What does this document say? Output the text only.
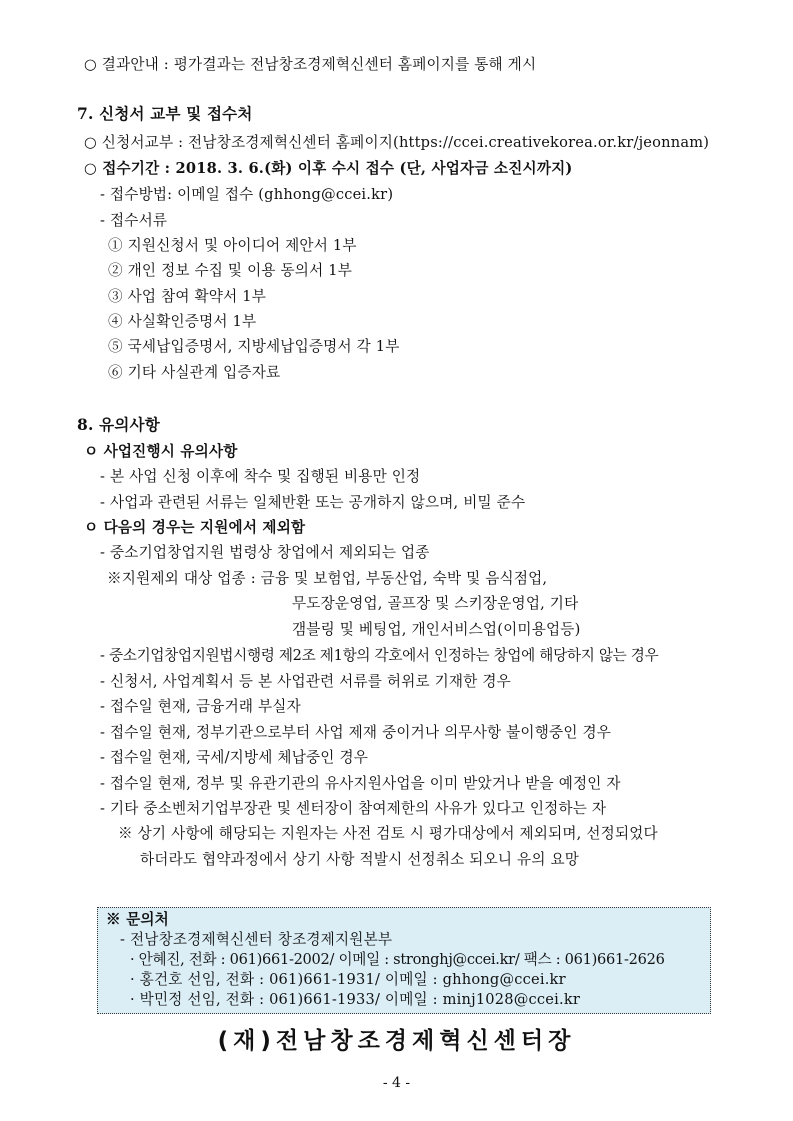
○ 결과안내 : 평가결과는 전남창조경제혁신센터 홈페이지를 통해 게시
7. 신청서 교부 및 접수처
○ 신청서교부 : 전남창조경제혁신센터 홈페이지(https://ccei.creativekorea.or.kr/jeonnam)
○ 접수기간 : 2018. 3. 6.(화) 이후 수시 접수 (단, 사업자금 소진시까지)
- 접수방법: 이메일 접수 (ghhong@ccei.kr)
- 접수서류
① 지원신청서 및 아이디어 제안서 1부
② 개인 정보 수집 및 이용 동의서 1부
③ 사업 참여 확약서 1부
④ 사실확인증명서 1부
⑤ 국세납입증명서, 지방세납입증명서 각 1부
⑥ 기타 사실관계 입증자료
8. 유의사항
ㅇ 사업진행시 유의사항
- 본 사업 신청 이후에 착수 및 집행된 비용만 인정
- 사업과 관련된 서류는 일체반환 또는 공개하지 않으며, 비밀 준수
ㅇ 다음의 경우는 지원에서 제외함
- 중소기업창업지원 법령상 창업에서 제외되는 업종
※지원제외 대상 업종 : 금융 및 보험업, 부동산업, 숙박 및 음식점업,
무도장운영업, 골프장 및 스키장운영업, 기타
갬블링 및 베팅업, 개인서비스업(이미용업등)
- 중소기업창업지원법시행령 제2조 제1항의 각호에서 인정하는 창업에 해당하지 않는 경우
- 신청서, 사업계획서 등 본 사업관련 서류를 허위로 기재한 경우
- 접수일 현재, 금융거래 부실자
- 접수일 현재, 정부기관으로부터 사업 제재 중이거나 의무사항 불이행중인 경우
- 접수일 현재, 국세/지방세 체납중인 경우
- 접수일 현재, 정부 및 유관기관의 유사지원사업을 이미 받았거나 받을 예정인 자
- 기타 중소벤처기업부장관 및 센터장이 참여제한의 사유가 있다고 인정하는 자
※ 상기 사항에 해당되는 지원자는 사전 검토 시 평가대상에서 제외되며, 선정되었다
하더라도 협약과정에서 상기 사항 적발시 선정취소 되오니 유의 요망
※ 문의처
- 전남창조경제혁신센터 창조경제지원본부
· 안혜진, 전화 : 061)661-2002/ 이메일 : stronghj@ccei.kr/ 팩스 : 061)661-2626
· 홍건호 선임, 전화 : 061)661-1931/ 이메일 : ghhong@ccei.kr
· 박민정 선임, 전화 : 061)661-1933/ 이메일 : minj1028@ccei.kr
(재)전남창조경제혁신센터장
- 4 -
